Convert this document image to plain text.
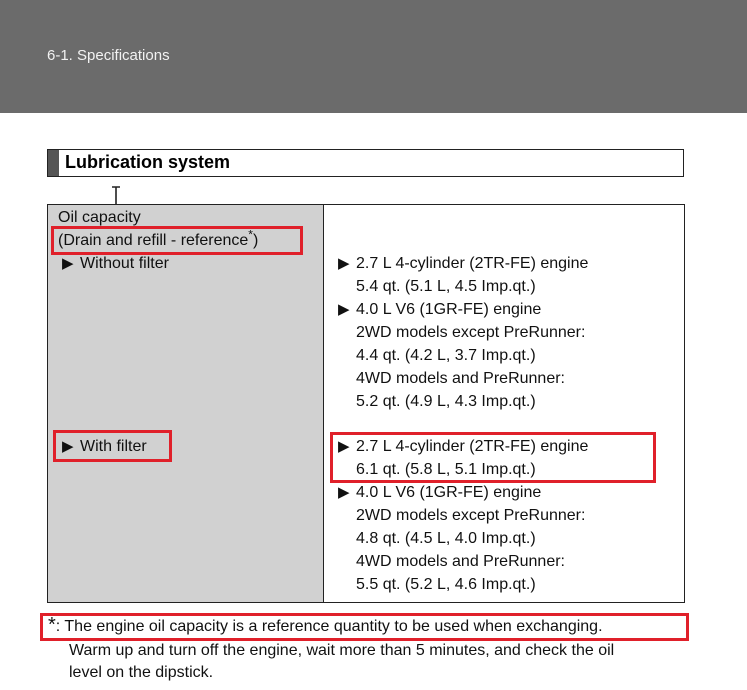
6-1. Specifications
Lubrication system
Oil capacity
(Drain and refill - reference*)
▶ Without filter
▶ With filter
▶ 2.7 L 4-cylinder (2TR-FE) engine
5.4 qt. (5.1 L, 4.5 Imp.qt.)
▶ 4.0 L V6 (1GR-FE) engine
2WD models except PreRunner:
4.4 qt. (4.2 L, 3.7 Imp.qt.)
4WD models and PreRunner:
5.2 qt. (4.9 L, 4.3 Imp.qt.)
▶ 2.7 L 4-cylinder (2TR-FE) engine
6.1 qt. (5.8 L, 5.1 Imp.qt.)
▶ 4.0 L V6 (1GR-FE) engine
2WD models except PreRunner:
4.8 qt. (4.5 L, 4.0 Imp.qt.)
4WD models and PreRunner:
5.5 qt. (5.2 L, 4.6 Imp.qt.)
*: The engine oil capacity is a reference quantity to be used when exchanging.
Warm up and turn off the engine, wait more than 5 minutes, and check the oil
level on the dipstick.
